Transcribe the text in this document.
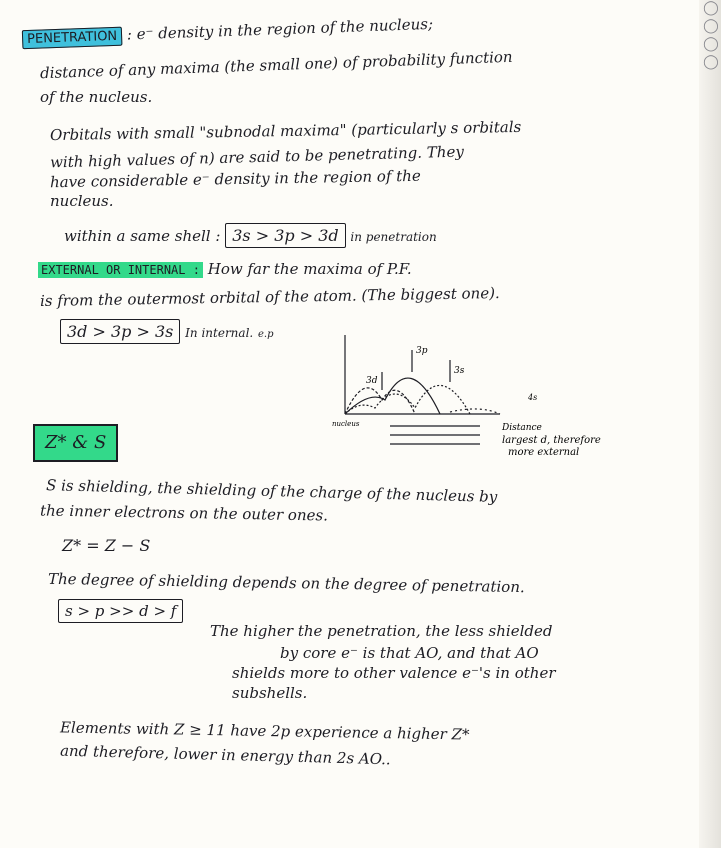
PENETRATION : e⁻ density in the region of the nucleus;
distance of any maxima (the small one) of probability function
of the nucleus.
Orbitals with small "subnodal maxima" (particularly s orbitals
with high values of n) are said to be penetrating. They
have considerable e⁻ density in the region of the
nucleus.
within a same shell : 3s > 3p > 3d in penetration
EXTERNAL OR INTERNAL : How far the maxima of P.F.
is from the outermost orbital of the atom. (The biggest one).
3d > 3p > 3s In internal. e.p
3d
3p
3s
4s
nucleus	Distance
largest d, therefore
more external
Z* & S
S is shielding, the shielding of the charge of the nucleus by
the inner electrons on the outer ones.
Z* = Z − S
The degree of shielding depends on the degree of penetration.
s > p >> d > f
The higher the penetration, the less shielded
by core e⁻ is that AO, and that AO
shields more to other valence e⁻'s in other
subshells.
Elements with Z ≥ 11 have 2p experience a higher Z*
and therefore, lower in energy than 2s AO..
◯◯◯◯
